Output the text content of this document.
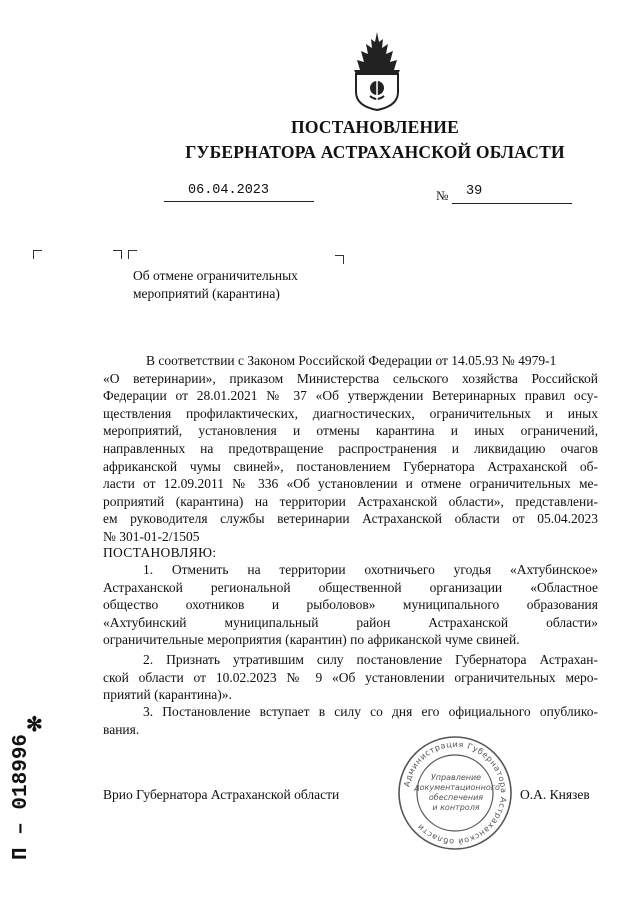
ПОСТАНОВЛЕНИЕ
ГУБЕРНАТОРА АСТРАХАНСКОЙ ОБЛАСТИ
06.04.2023	№ 39
Об отмене ограничительных
мероприятий (карантина)
В соответствии с Законом Российской Федерации от 14.05.93 № 4979-1
«О ветеринарии», приказом Министерства сельского хозяйства Российской
Федерации от 28.01.2021 № 37 «Об утверждении Ветеринарных правил осу-
ществления профилактических, диагностических, ограничительных и иных
мероприятий, установления и отмены карантина и иных ограничений,
направленных на предотвращение распространения и ликвидацию очагов
африканской чумы свиней», постановлением Губернатора Астраханской об-
ласти от 12.09.2011 № 336 «Об установлении и отмене ограничительных ме-
роприятий (карантина) на территории Астраханской области», представлени-
ем руководителя службы ветеринарии Астраханской области от 05.04.2023
№ 301-01-2/1505
ПОСТАНОВЛЯЮ:
1. Отменить на территории охотничьего угодья «Ахтубинское»
Астраханской региональной общественной организации «Областное
общество охотников и рыболовов» муниципального образования
«Ахтубинский муниципальный район Астраханской области»
ограничительные мероприятия (карантин) по африканской чуме свиней.
2. Признать утратившим силу постановление Губернатора Астрахан-
ской области от 10.02.2023 № 9 «Об установлении ограничительных меро-
приятий (карантина)».
3. Постановление вступает в силу со дня его официального опублико-
вания.
Врио Губернатора Астраханской области	О.А. Князев
Администрация Губернатора Астраханской области
Управление
документационного
обеспечения
и контроля
✻
П – 018996
